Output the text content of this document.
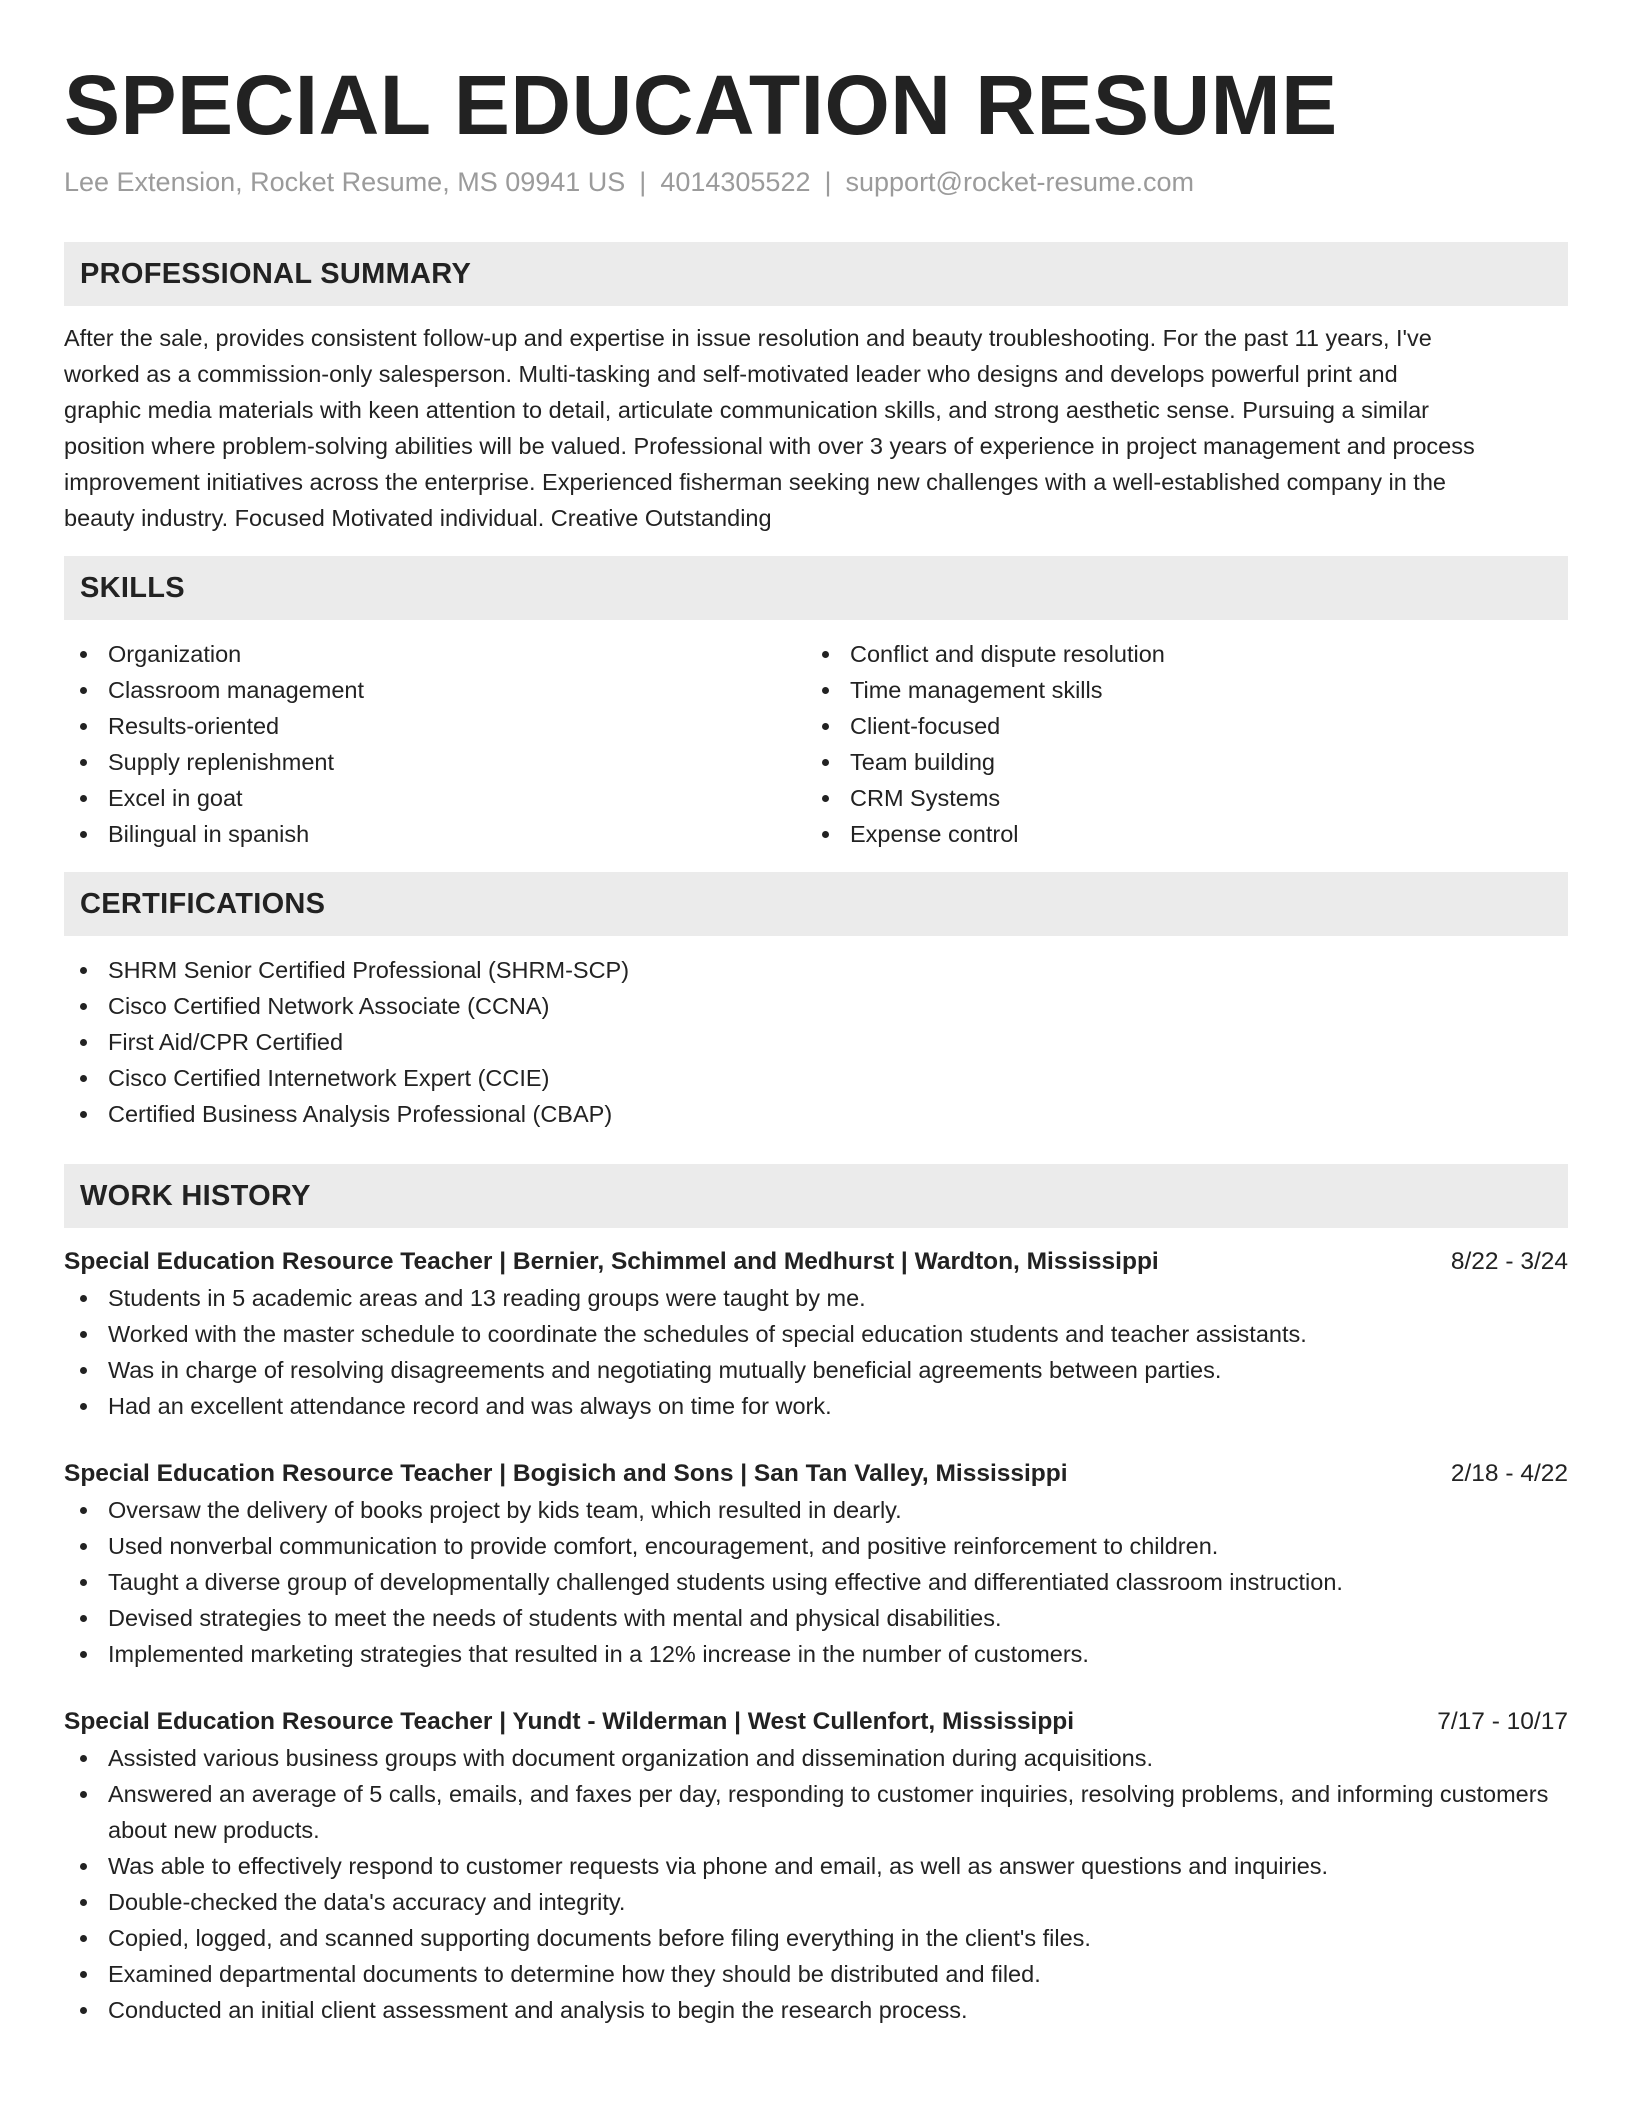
SPECIAL EDUCATION RESUME
Lee Extension, Rocket Resume, MS 09941 US | 4014305522 | support@rocket-resume.com
PROFESSIONAL SUMMARY

After the sale, provides consistent follow-up and expertise in issue resolution and beauty troubleshooting. For the past 11 years, I've
worked as a commission-only salesperson. Multi-tasking and self-motivated leader who designs and develops powerful print and
graphic media materials with keen attention to detail, articulate communication skills, and strong aesthetic sense. Pursuing a similar
position where problem-solving abilities will be valued. Professional with over 3 years of experience in project management and process
improvement initiatives across the enterprise. Experienced fisherman seeking new challenges with a well-established company in the
beauty industry. Focused Motivated individual. Creative Outstanding

SKILLS
Organization
Classroom management
Results-oriented
Supply replenishment
Excel in goat
Bilingual in spanish
Conflict and dispute resolution
Time management skills
Client-focused
Team building
CRM Systems
Expense control
CERTIFICATIONS
SHRM Senior Certified Professional (SHRM-SCP)
Cisco Certified Network Associate (CCNA)
First Aid/CPR Certified
Cisco Certified Internetwork Expert (CCIE)
Certified Business Analysis Professional (CBAP)
WORK HISTORY
Special Education Resource Teacher | Bernier, Schimmel and Medhurst | Wardton, Mississippi	8/22 - 3/24
Students in 5 academic areas and 13 reading groups were taught by me.
Worked with the master schedule to coordinate the schedules of special education students and teacher assistants.
Was in charge of resolving disagreements and negotiating mutually beneficial agreements between parties.
Had an excellent attendance record and was always on time for work.
Special Education Resource Teacher | Bogisich and Sons | San Tan Valley, Mississippi	2/18 - 4/22
Oversaw the delivery of books project by kids team, which resulted in dearly.
Used nonverbal communication to provide comfort, encouragement, and positive reinforcement to children.
Taught a diverse group of developmentally challenged students using effective and differentiated classroom instruction.
Devised strategies to meet the needs of students with mental and physical disabilities.
Implemented marketing strategies that resulted in a 12% increase in the number of customers.
Special Education Resource Teacher | Yundt - Wilderman | West Cullenfort, Mississippi	7/17 - 10/17
Assisted various business groups with document organization and dissemination during acquisitions.
Answered an average of 5 calls, emails, and faxes per day, responding to customer inquiries, resolving problems, and informing customers about new products.
Was able to effectively respond to customer requests via phone and email, as well as answer questions and inquiries.
Double-checked the data's accuracy and integrity.
Copied, logged, and scanned supporting documents before filing everything in the client's files.
Examined departmental documents to determine how they should be distributed and filed.
Conducted an initial client assessment and analysis to begin the research process.
